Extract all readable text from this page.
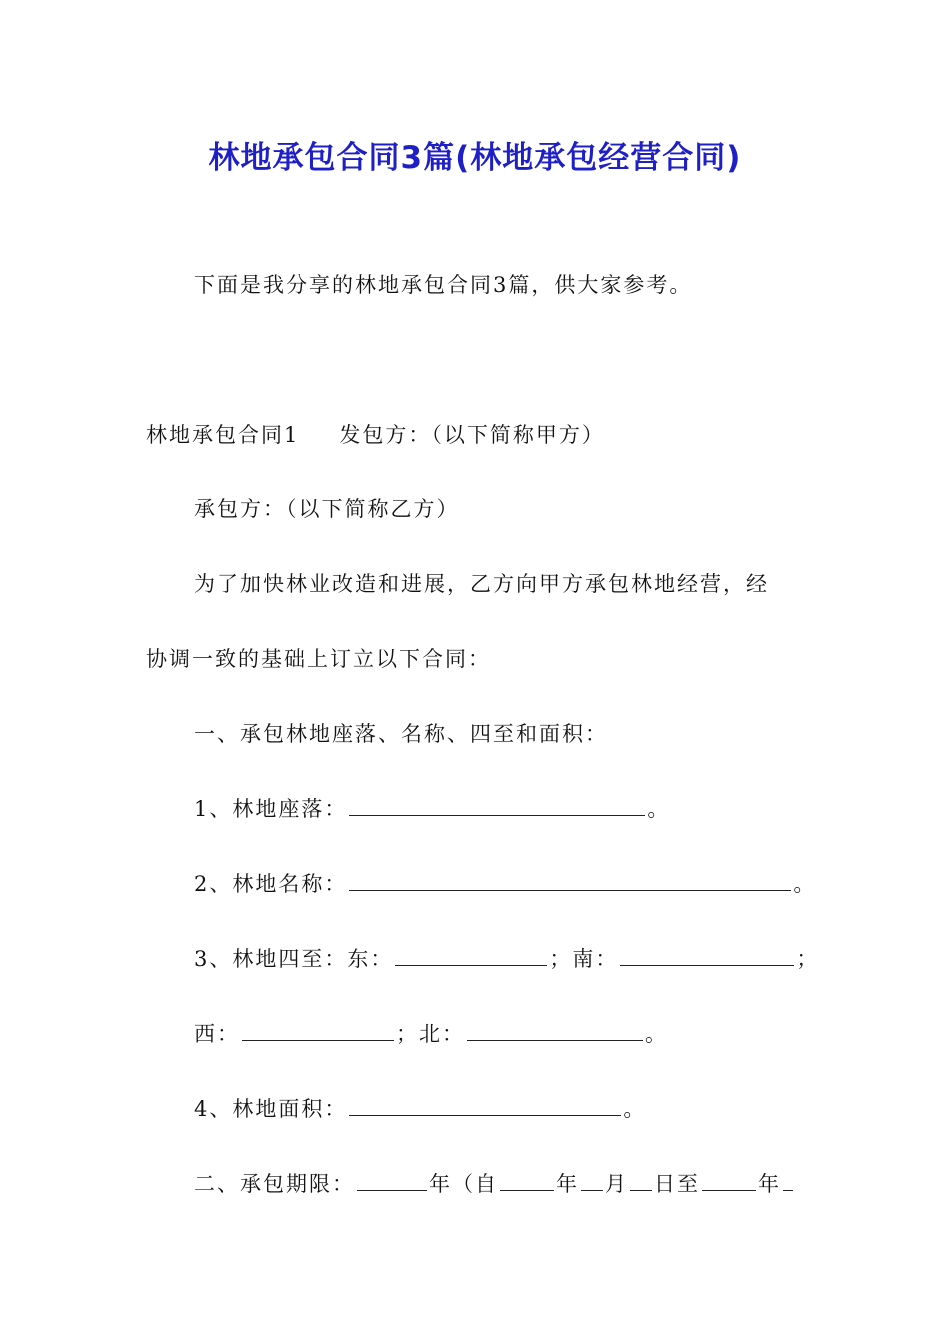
林地承包合同3篇(林地承包经营合同)
下面是我分享的林地承包合同3篇，供大家参考。
林地承包合同1 发包方：（以下简称甲方）
承包方：（以下简称乙方）
为了加快林业改造和进展，乙方向甲方承包林地经营，经
协调一致的基础上订立以下合同：
一、承包林地座落、名称、四至和面积：
1、林地座落：	。
2、林地名称：	。
3、林地四至：东：	；南：	；
西：	；北：	。
4、林地面积：	。
二、承包期限：	年（自	年 月 日至	年
